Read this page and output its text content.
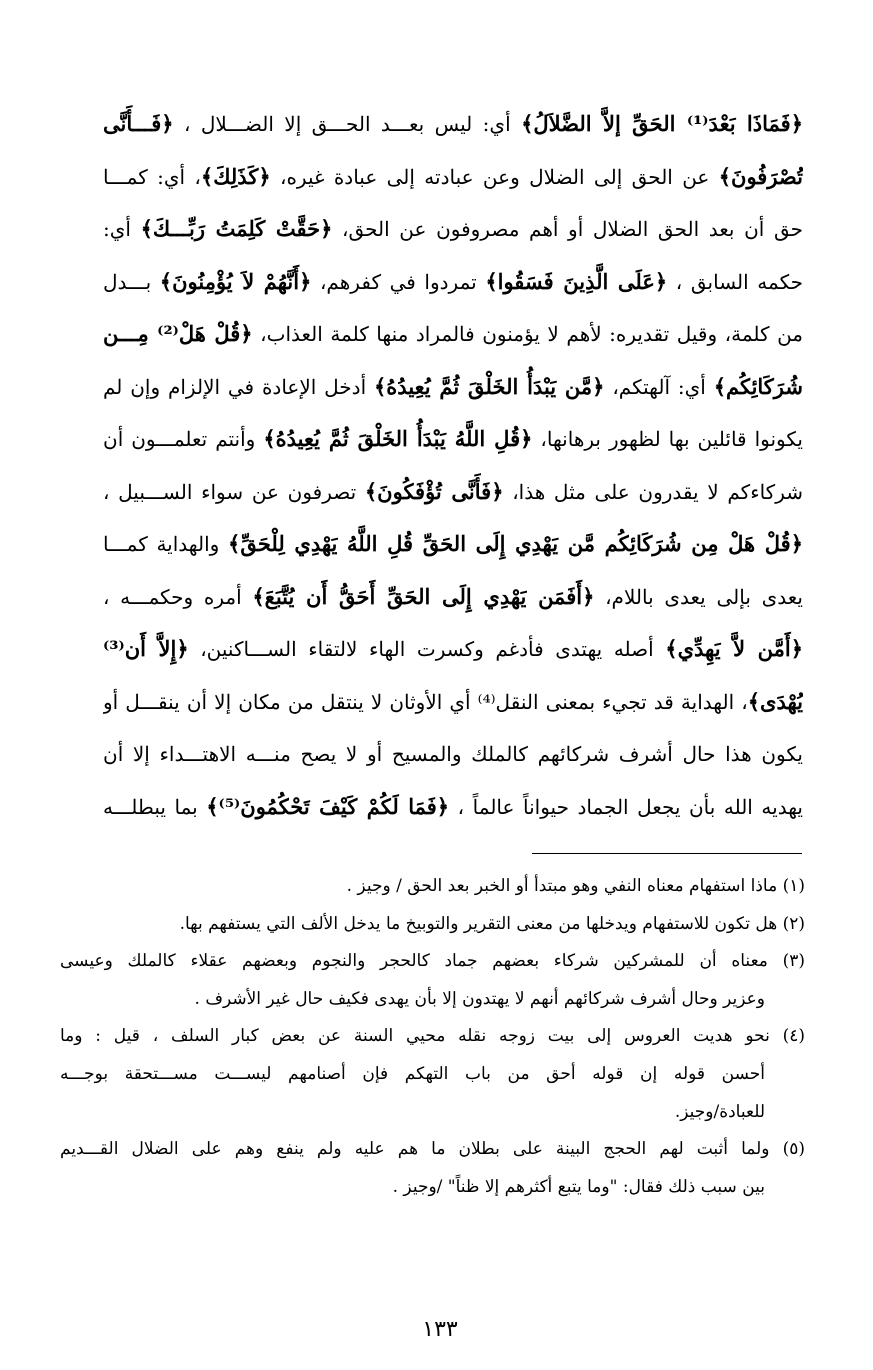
﴿فَمَاذَا بَعْدَ⁽¹⁾ الحَقِّ إلاَّ الضَّلاَلُ﴾ أي: ليس بعـــد الحـــق إلا الضـــلال ، ﴿فَـــأَنَّى
تُصْرَفُونَ﴾ عن الحق إلى الضلال وعن عبادته إلى عبادة غيره، ﴿كَذَلِكَ﴾، أي: كمـــا
حق أن بعد الحق الضلال أو أهم مصروفون عن الحق، ﴿حَقَّتْ كَلِمَتُ رَبِّـــكَ﴾ أي:
حكمه السابق ، ﴿عَلَى الَّذِينَ فَسَقُوا﴾ تمردوا في كفرهم، ﴿أَنَّهُمْ لاَ يُؤْمِنُونَ﴾ بـــدل
من كلمة، وقيل تقديره: لأهم لا يؤمنون فالمراد منها كلمة العذاب، ﴿قُلْ هَلْ⁽²⁾ مِـــن
شُرَكَائِكُم﴾ أي: آلهتكم، ﴿مَّن يَبْدَأُ الخَلْقَ ثُمَّ يُعِيدُهُ﴾ أدخل الإعادة في الإلزام وإن لم
يكونوا قائلين بها لظهور برهانها، ﴿قُلِ اللَّهُ يَبْدَأُ الخَلْقَ ثُمَّ يُعِيدُهُ﴾ وأنتم تعلمـــون أن
شركاءكم لا يقدرون على مثل هذا، ﴿فَأَنَّى تُؤْفَكُونَ﴾ تصرفون عن سواء الســـبيل ،
﴿قُلْ هَلْ مِن شُرَكَائِكُم مَّن يَهْدِي إِلَى الحَقِّ قُلِ اللَّهُ يَهْدِي لِلْحَقِّ﴾ والهداية كمـــا
يعدى بإلى يعدى باللام، ﴿أَفَمَن يَهْدِي إِلَى الحَقِّ أَحَقُّ أَن يُتَّبَعَ﴾ أمره وحكمـــه ،
﴿أَمَّن لاَّ يَهِدِّي﴾ أصله يهتدى فأدغم وكسرت الهاء لالتقاء الســـاكنين، ﴿إِلاَّ أَن⁽³⁾
يُهْدَى﴾، الهداية قد تجيء بمعنى النقل⁽⁴⁾ أي الأوثان لا ينتقل من مكان إلا أن ينقـــل أو
يكون هذا حال أشرف شركائهم كالملك والمسيح أو لا يصح منـــه الاهتـــداء إلا أن
يهديه الله بأن يجعل الجماد حيواناً عالماً ، ﴿فَمَا لَكُمْ كَيْفَ تَحْكُمُونَ⁽⁵⁾﴾ بما يبطلـــه
(١) ماذا استفهام معناه النفي وهو مبتدأ أو الخبر بعد الحق / وجيز .
(٢) هل تكون للاستفهام ويدخلها من معنى التقرير والتوبيخ ما يدخل الألف التي يستفهم بها.
(٣) معناه أن للمشركين شركاء بعضهم جماد كالحجر والنجوم وبعضهم عقلاء كالملك وعيسى
وعزير وحال أشرف شركائهم أنهم لا يهتدون إلا بأن يهدى فكيف حال غير الأشرف .
(٤) نحو هديت العروس إلى بيت زوجه نقله محيي السنة عن بعض كبار السلف ، قيل : وما
أحسن قوله إن قوله أحق من باب التهكم فإن أصنامهم ليســـت مســـتحقة بوجـــه
للعبادة/وجيز.
(٥) ولما أثبت لهم الحجج البينة على بطلان ما هم عليه ولم ينفع وهم على الضلال القـــديم
بين سبب ذلك فقال: "وما يتبع أكثرهم إلا ظناً" /وجيز .
١٣٣
